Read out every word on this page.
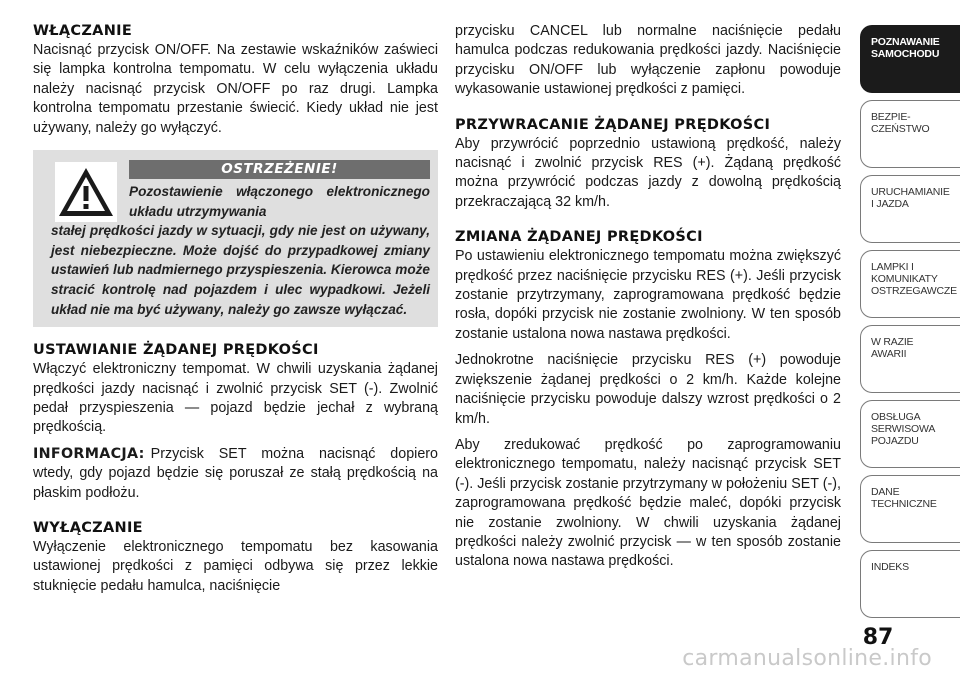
WŁĄCZANIE

Nacisnąć przycisk ON/OFF. Na zestawie wskaźników zaświeci się lampka kontrolna tempomatu. W celu wyłączenia układu należy nacisnąć przycisk ON/OFF po raz drugi. Lampka kontrolna tempomatu przestanie świecić. Kiedy układ nie jest używany, należy go wyłączyć.

OSTRZEŻENIE!
Pozostawienie włączonego elektronicznego układu utrzymywania
stałej prędkości jazdy w sytuacji, gdy nie jest on używany, jest niebezpieczne. Może dojść do przypadkowej zmiany ustawień lub nadmiernego przyspieszenia. Kierowca może stracić kontrolę nad pojazdem i ulec wypadkowi. Jeżeli układ nie ma być używany, należy go zawsze wyłączać.
USTAWIANIE ŻĄDANEJ PRĘDKOŚCI

Włączyć elektroniczny tempomat. W chwili uzyskania żądanej prędkości jazdy nacisnąć i zwolnić przycisk SET (-). Zwolnić pedał przyspieszenia — pojazd będzie jechał z wybraną prędkością.

INFORMACJA: Przycisk SET można nacisnąć dopiero wtedy, gdy pojazd będzie się poruszał ze stałą prędkością na płaskim podłożu.

WYŁĄCZANIE

Wyłączenie elektronicznego tempomatu bez kasowania ustawionej prędkości z pamięci odbywa się przez lekkie stuknięcie pedału hamulca, naciśnięcie

przycisku CANCEL lub normalne naciśnięcie pedału hamulca podczas redukowania prędkości jazdy. Naciśnięcie przycisku ON/OFF lub wyłączenie zapłonu powoduje wykasowanie ustawionej prędkości z pamięci.

PRZYWRACANIE ŻĄDANEJ PRĘDKOŚCI

Aby przywrócić poprzednio ustawioną prędkość, należy nacisnąć i zwolnić przycisk RES (+). Żądaną prędkość można przywrócić podczas jazdy z dowolną prędkością przekraczającą 32 km/h.

ZMIANA ŻĄDANEJ PRĘDKOŚCI

Po ustawieniu elektronicznego tempomatu można zwiększyć prędkość przez naciśnięcie przycisku RES (+). Jeśli przycisk zostanie przytrzymany, zaprogramowana prędkość będzie rosła, dopóki przycisk nie zostanie zwolniony. W ten sposób zostanie ustalona nowa nastawa prędkości.

Jednokrotne naciśnięcie przycisku RES (+) powoduje zwiększenie żądanej prędkości o 2 km/h. Każde kolejne naciśnięcie przycisku powoduje dalszy wzrost prędkości o 2 km/h.

Aby zredukować prędkość po zaprogramowaniu elektronicznego tempomatu, należy nacisnąć przycisk SET (-). Jeśli przycisk zostanie przytrzymany w położeniu SET (-), zaprogramowana prędkość będzie maleć, dopóki przycisk nie zostanie zwolniony. W chwili uzyskania żądanej prędkości należy zwolnić przycisk — w ten sposób zostanie ustalona nowa nastawa prędkości.

POZNAWANIE
SAMOCHODU
BEZPIE-
CZEŃSTWO
URUCHAMIANIE
I JAZDA
LAMPKI I
KOMUNIKATY
OSTRZEGAWCZE
W RAZIE
AWARII
OBSŁUGA
SERWISOWA
POJAZDU
DANE
TECHNICZNE
INDEKS
87
carmanualsonline.info
